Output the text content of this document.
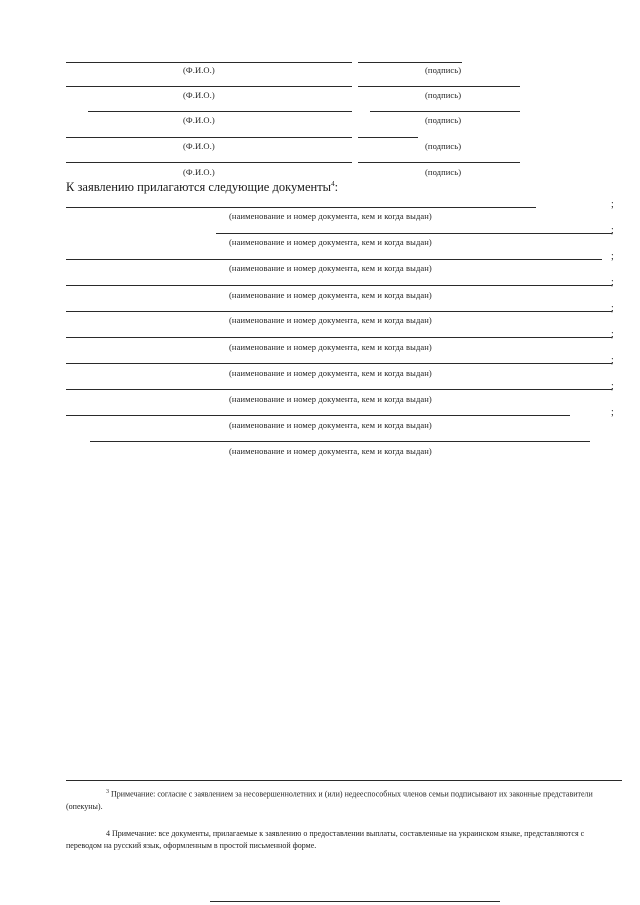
(Ф.И.О.)	(подпись)
(Ф.И.О.)	(подпись)
(Ф.И.О.)	(подпись)
(Ф.И.О.)	(подпись)
(Ф.И.О.)	(подпись)
К заявлению прилагаются следующие документы$^4$:
(наименование и номер документа, кем и когда выдан)
;
(наименование и номер документа, кем и когда выдан)
;
(наименование и номер документа, кем и когда выдан)
;
(наименование и номер документа, кем и когда выдан)
;
(наименование и номер документа, кем и когда выдан)
;
(наименование и номер документа, кем и когда выдан)
;
(наименование и номер документа, кем и когда выдан)
;
(наименование и номер документа, кем и когда выдан)
;
(наименование и номер документа, кем и когда выдан)
;
(наименование и номер документа, кем и когда выдан)
$^3$ Примечание: согласие с заявлением за несовершеннолетних и (или) недееспособных членов семьи подписывают их законные представители (опекуны).
4 Примечание: все документы, прилагаемые к заявлению о предоставлении выплаты, составленные на украинском языке, представляются с переводом на русский язык, оформленным в простой письменной форме.
